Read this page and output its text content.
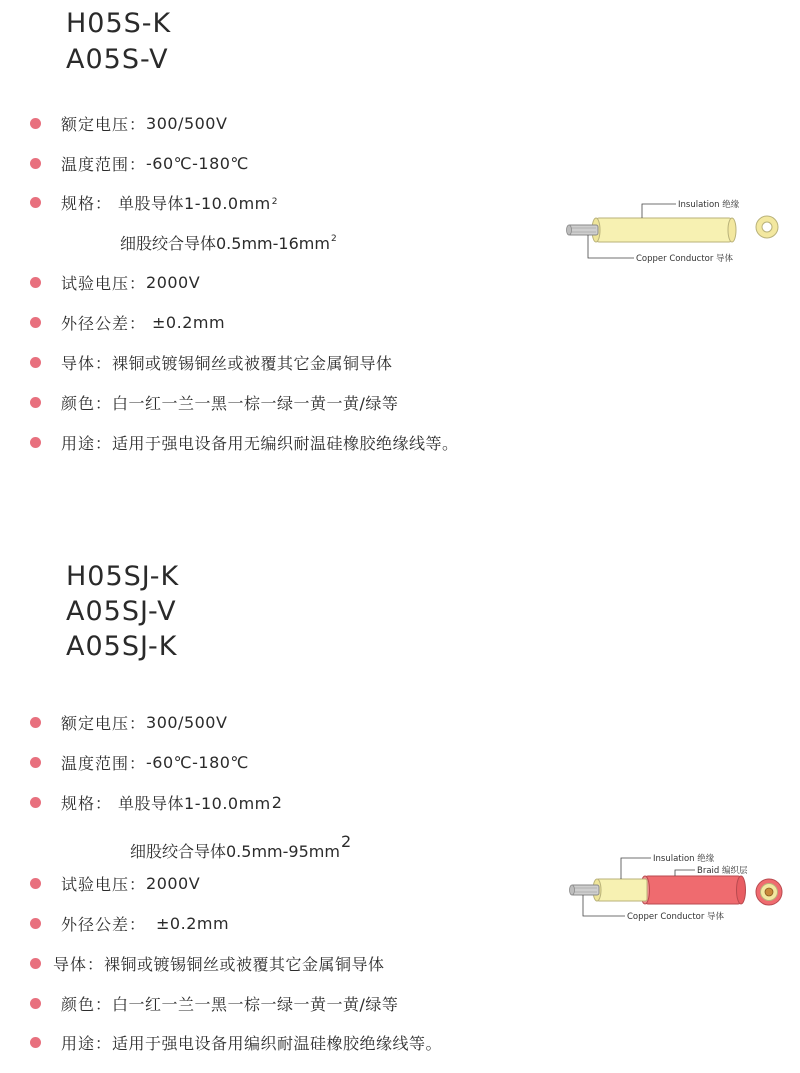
H05S-K
A05S-V
额定电压： 300/500V
温度范围： -60℃-180℃
规格： 单股导体1-10.0mm 2
细股绞合导体$0.5mm-16mm^2$
试验电压： 2000V
外径公差： ±0.2mm
导体： 裸铜或镀锡铜丝或被覆其它金属铜导体
颜色： 白一红一兰一黑一棕一绿一黄一黄/绿等
用途： 适用于强电设备用无编织耐温硅橡胶绝缘线等。
Insulation 绝缘
Copper Conductor 导体
H05SJ-K
A05SJ-V
A05SJ-K
额定电压： 300/500V
温度范围： -60℃-180℃
规格： 单股导体1-10.0mm 2
细股绞合导体$0.5mm-95mm^2$
试验电压： 2000V
外径公差： ±0.2mm
导体： 裸铜或镀锡铜丝或被覆其它金属铜导体
颜色： 白一红一兰一黑一棕一绿一黄一黄/绿等
用途： 适用于强电设备用编织耐温硅橡胶绝缘线等。
Insulation 绝缘
Braid 编织层
Copper Conductor 导体
